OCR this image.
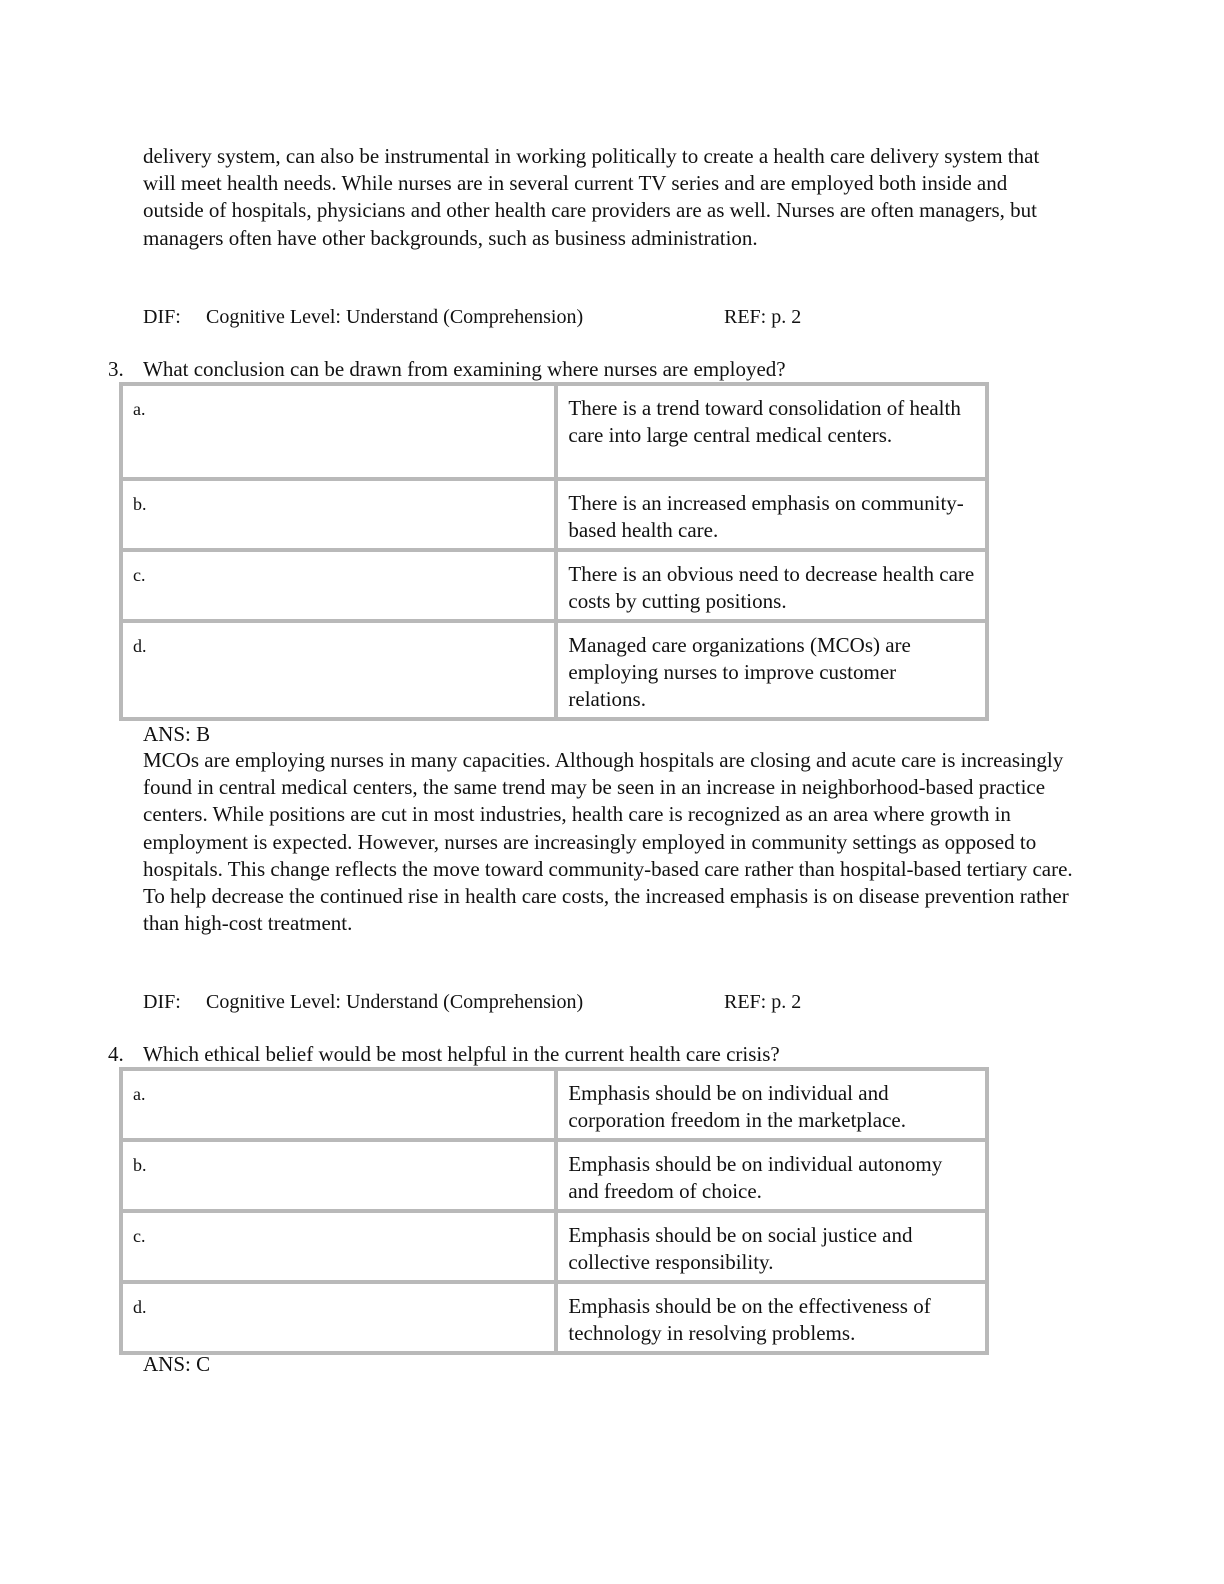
delivery system, can also be instrumental in working politically to create a health care delivery system that will meet health needs. While nurses are in several current TV series and are employed both inside and outside of hospitals, physicians and other health care providers are as well. Nurses are often managers, but managers often have other backgrounds, such as business administration.
DIF: Cognitive Level: Understand (Comprehension)	REF: p. 2
3. What conclusion can be drawn from examining where nurses are employed?
a.	There is a trend toward consolidation of health care into large central medical centers.
b.	There is an increased emphasis on community-based health care.
c.	There is an obvious need to decrease health care costs by cutting positions.
d.	Managed care organizations (MCOs) are employing nurses to improve customer relations.
ANS: B
MCOs are employing nurses in many capacities. Although hospitals are closing and acute care is increasingly found in central medical centers, the same trend may be seen in an increase in neighborhood-based practice centers. While positions are cut in most industries, health care is recognized as an area where growth in employment is expected. However, nurses are increasingly employed in community settings as opposed to hospitals. This change reflects the move toward community-based care rather than hospital-based tertiary care. To help decrease the continued rise in health care costs, the increased emphasis is on disease prevention rather than high-cost treatment.
DIF: Cognitive Level: Understand (Comprehension)	REF: p. 2
4. Which ethical belief would be most helpful in the current health care crisis?
a.	Emphasis should be on individual and corporation freedom in the marketplace.
b.	Emphasis should be on individual autonomy and freedom of choice.
c.	Emphasis should be on social justice and collective responsibility.
d.	Emphasis should be on the effectiveness of technology in resolving problems.
ANS: C
